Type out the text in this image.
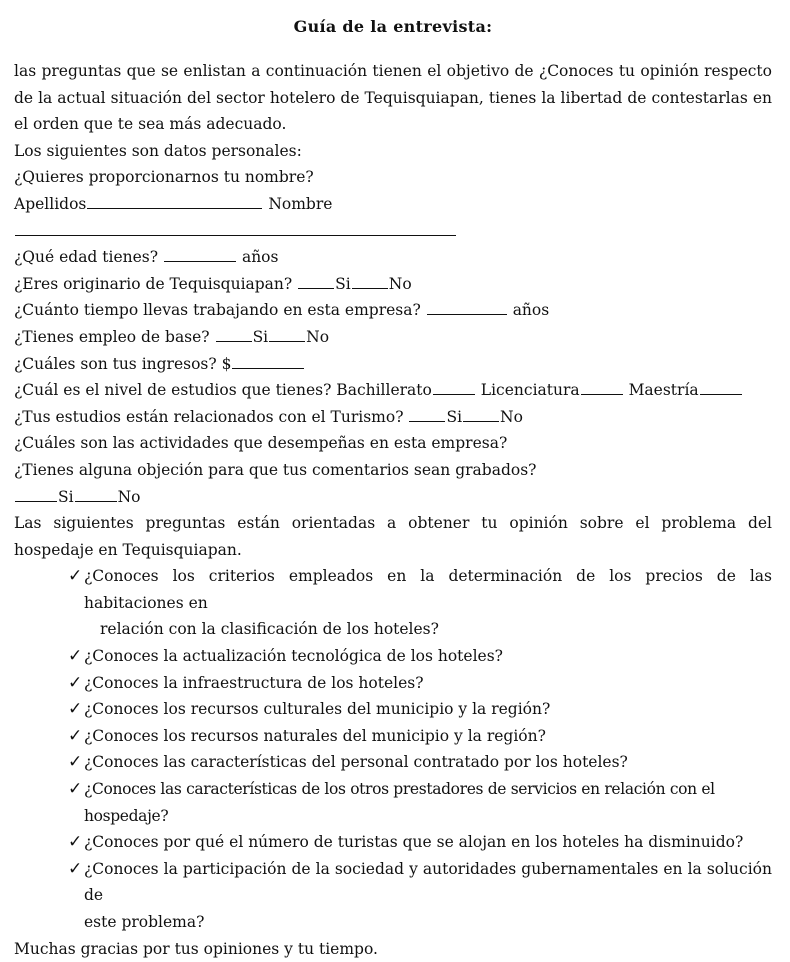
Guía de la entrevista:

las preguntas que se enlistan a continuación tienen el objetivo de ¿Conoces tu opinión respecto de la actual situación del sector hotelero de Tequisquiapan, tienes la libertad de contestarlas en el orden que te sea más adecuado.

Los siguientes son datos personales:

¿Quieres proporcionarnos tu nombre?

Apellidos	Nombre

¿Qué edad tienes?	años

¿Eres originario de Tequisquiapan?	Si No

¿Cuánto tiempo llevas trabajando en esta empresa?	años

¿Tienes empleo de base?	Si No

¿Cuáles son tus ingresos? $

¿Cuál es el nivel de estudios que tienes? Bachillerato	Licenciatura	Maestría

¿Tus estudios están relacionados con el Turismo?	Si No

¿Cuáles son las actividades que desempeñas en esta empresa?

¿Tienes alguna objeción para que tus comentarios sean grabados?

Si	No

Las siguientes preguntas están orientadas a obtener tu opinión sobre el problema del hospedaje en Tequisquiapan.

✓ ¿Conoces los criterios empleados en la determinación de los precios de las habitaciones en
relación con la clasificación de los hoteles?
✓ ¿Conoces la actualización tecnológica de los hoteles?
✓ ¿Conoces la infraestructura de los hoteles?
✓ ¿Conoces los recursos culturales del municipio y la región?
✓ ¿Conoces los recursos naturales del municipio y la región?
✓ ¿Conoces las características del personal contratado por los hoteles?
✓ ¿Conoces las características de los otros prestadores de servicios en relación con el hospedaje?
✓ ¿Conoces por qué el número de turistas que se alojan en los hoteles ha disminuido?
✓ ¿Conoces la participación de la sociedad y autoridades gubernamentales en la solución de
este problema?

Muchas gracias por tus opiniones y tu tiempo.
